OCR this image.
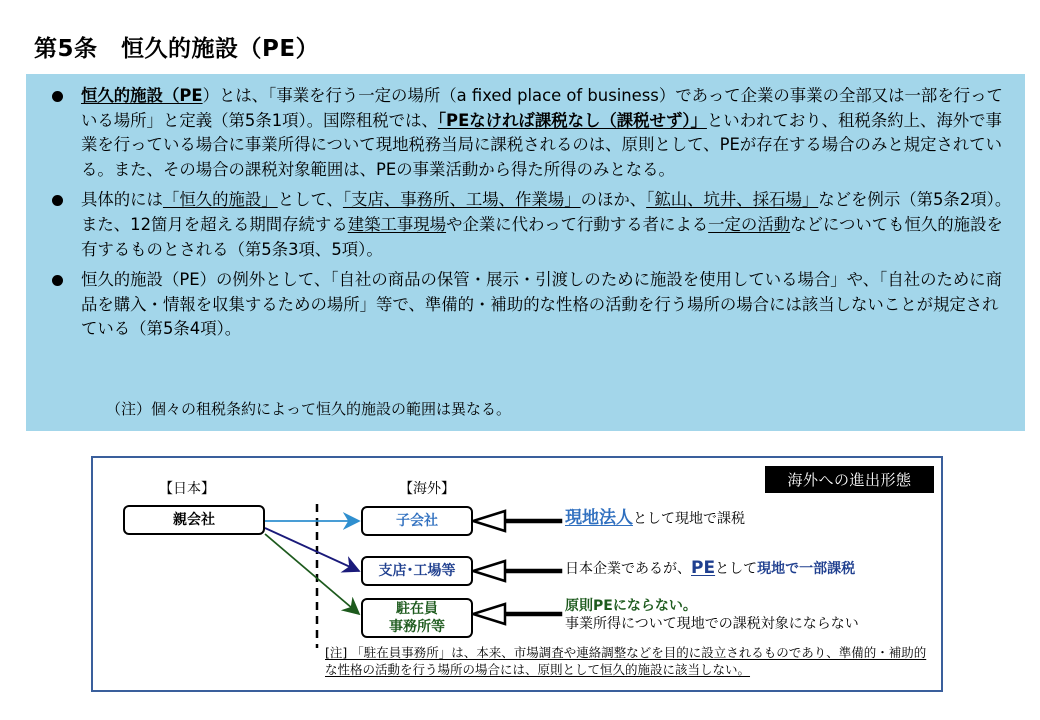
第5条　恒久的施設（PE）
恒久的施設（PE）とは、「事業を行う一定の場所（a fixed place of business）であって企業の事業の全部又は一部を行っている場所」と定義（第5条1項）。国際租税では、「PEなければ課税なし（課税せず）」といわれており、租税条約上、海外で事業を行っている場合に事業所得について現地税務当局に課税されるのは、原則として、PEが存在する場合のみと規定されている。また、その場合の課税対象範囲は、PEの事業活動から得た所得のみとなる。
具体的には「恒久的施設」として、「支店、事務所、工場、作業場」のほか、「鉱山、坑井、採石場」などを例示（第5条2項）。また、12箇月を超える期間存続する建築工事現場や企業に代わって行動する者による一定の活動などについても恒久的施設を有するものとされる（第5条3項、5項）。
恒久的施設（PE）の例外として、「自社の商品の保管・展示・引渡しのために施設を使用している場合」や、「自社のために商品を購入・情報を収集するための場所」等で、準備的・補助的な性格の活動を行う場所の場合には該当しないことが規定されている（第5条4項）。
（注）個々の租税条約によって恒久的施設の範囲は異なる。
海外への進出形態
【日本】	【海外】
親会社	子会社
支店･工場等
駐在員
事務所等
現地法人として現地で課税
日本企業であるが、PEとして現地で一部課税
原則PEにならない。
事業所得について現地での課税対象にならない
[注] 「駐在員事務所」は、本来、市場調査や連絡調整などを目的に設立されるものであり、準備的・補助的な性格の活動を行う場所の場合には、原則として恒久的施設に該当しない。
